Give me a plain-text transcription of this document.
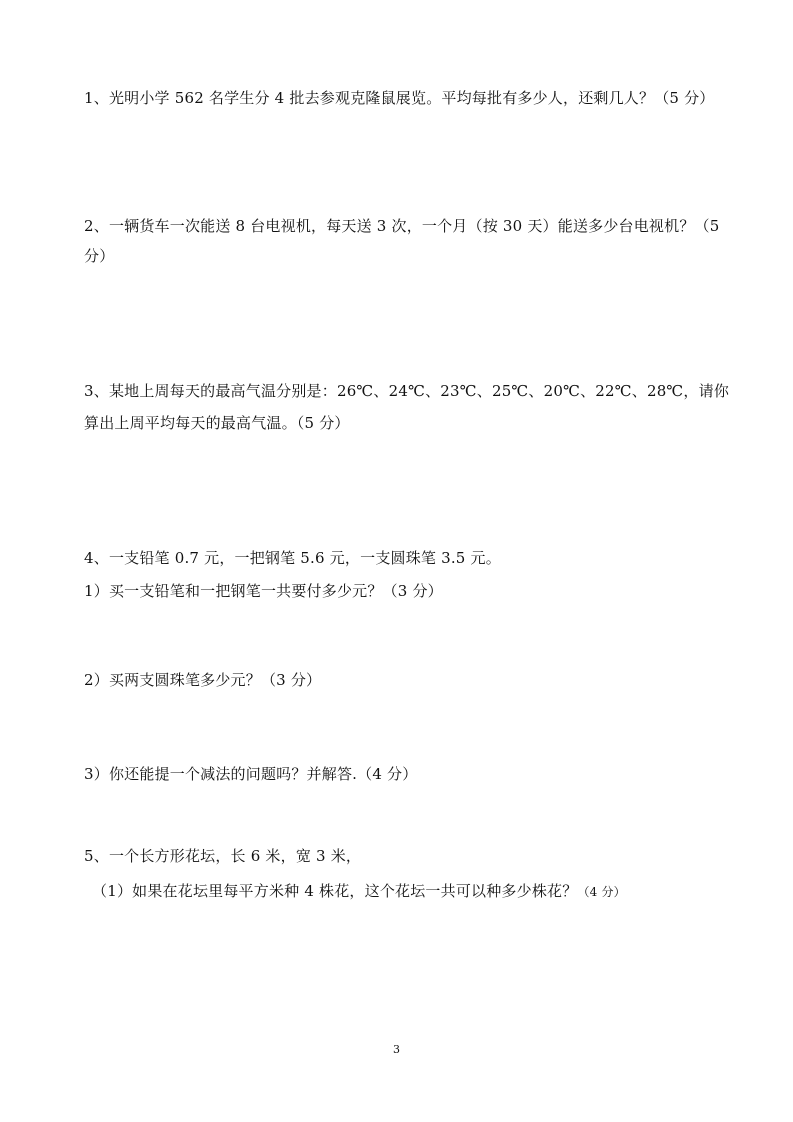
1、光明小学 562 名学生分 4 批去参观克隆鼠展览。平均每批有多少人，还剩几人？（5 分）
2、一辆货车一次能送 8 台电视机，每天送 3 次，一个月（按 30 天）能送多少台电视机？（5
分）
3、某地上周每天的最高气温分别是：26℃、24℃、23℃、25℃、20℃、22℃、28℃，请你
算出上周平均每天的最高气温。（5 分）
4、一支铅笔 0.7 元，一把钢笔 5.6 元，一支圆珠笔 3.5 元。
1）买一支铅笔和一把钢笔一共要付多少元？（3 分）
2）买两支圆珠笔多少元？（3 分）
3）你还能提一个减法的问题吗？并解答.（4 分）
5、一个长方形花坛，长 6 米，宽 3 米，
（1）如果在花坛里每平方米种 4 株花，这个花坛一共可以种多少株花？（4 分）
3
